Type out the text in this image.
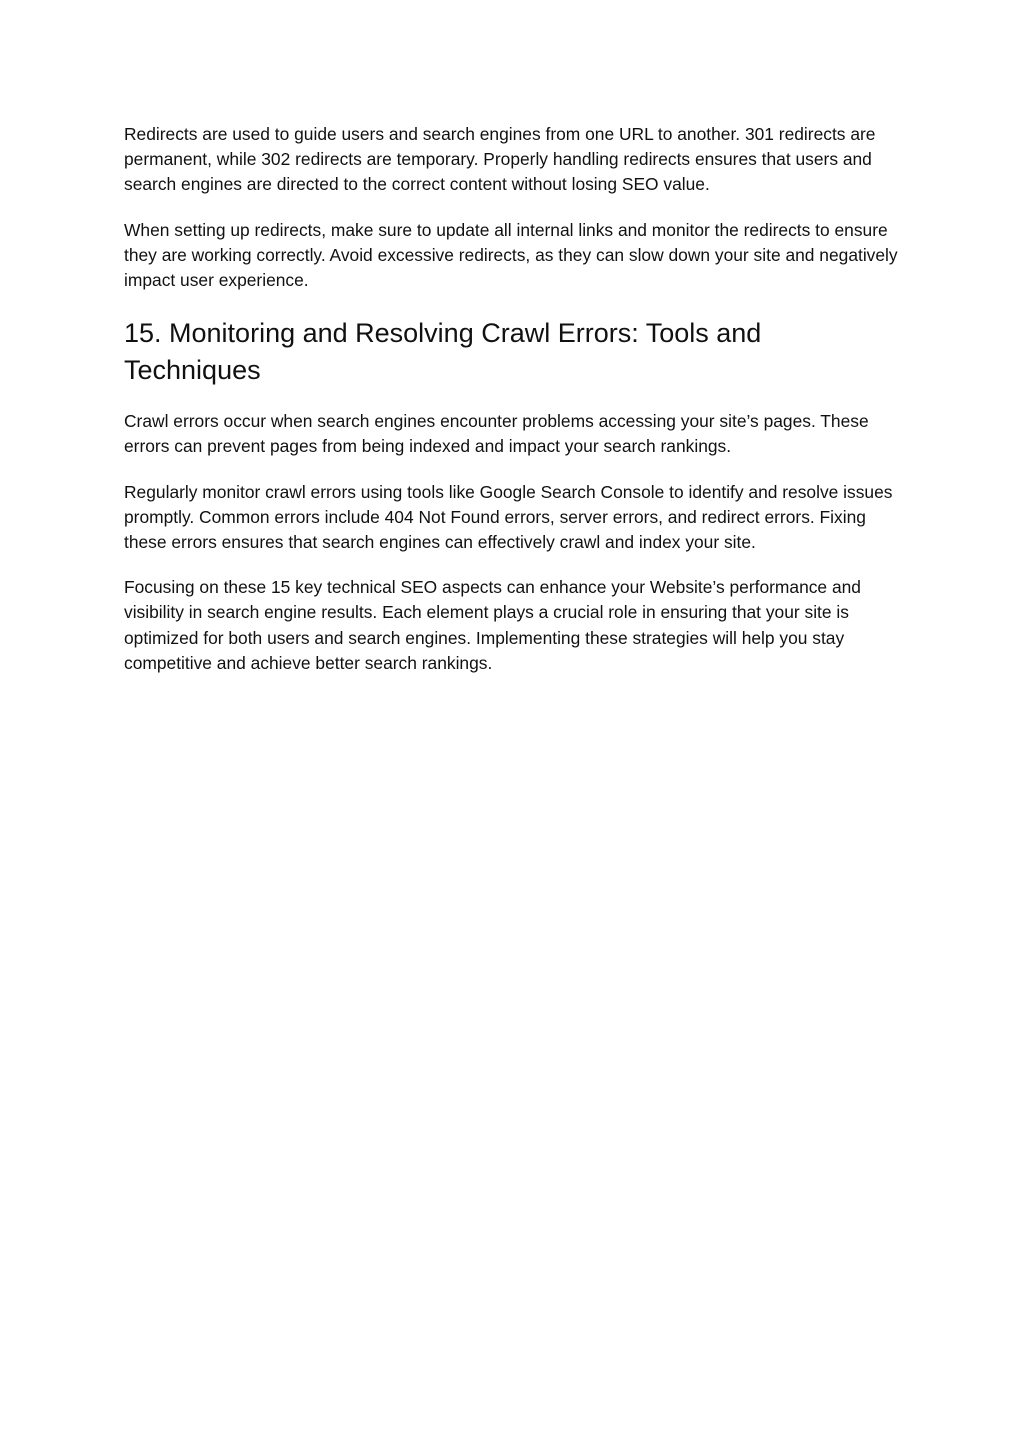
Redirects are used to guide users and search engines from one URL to another. 301 redirects are permanent, while 302 redirects are temporary. Properly handling redirects ensures that users and search engines are directed to the correct content without losing SEO value.

When setting up redirects, make sure to update all internal links and monitor the redirects to ensure they are working correctly. Avoid excessive redirects, as they can slow down your site and negatively impact user experience.

15. Monitoring and Resolving Crawl Errors: Tools and Techniques

Crawl errors occur when search engines encounter problems accessing your site’s pages. These errors can prevent pages from being indexed and impact your search rankings.

Regularly monitor crawl errors using tools like Google Search Console to identify and resolve issues promptly. Common errors include 404 Not Found errors, server errors, and redirect errors. Fixing these errors ensures that search engines can effectively crawl and index your site.

Focusing on these 15 key technical SEO aspects can enhance your Website’s performance and visibility in search engine results. Each element plays a crucial role in ensuring that your site is optimized for both users and search engines. Implementing these strategies will help you stay competitive and achieve better search rankings.
